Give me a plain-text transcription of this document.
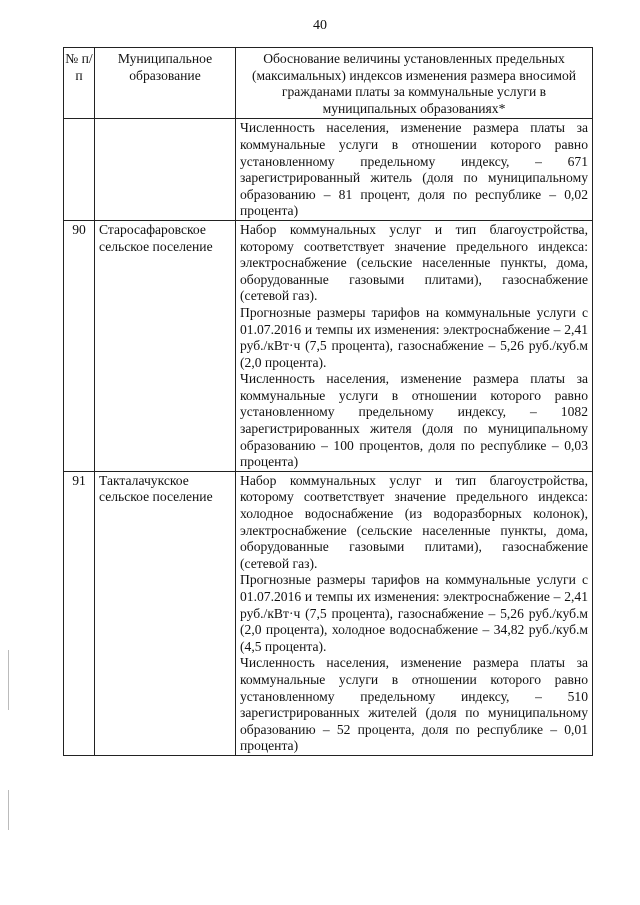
40
№ п/п	Муниципальное образование	Обоснование величины установленных предельных (максимальных) индексов изменения размера вносимой гражданами платы за коммунальные услуги в муниципальных образованиях*

		Численность населения, изменение размера платы за коммунальные услуги в отношении которого равно установленному предельному индексу, – 671 зарегистрированный житель (доля по муниципальному образованию – 81 процент, доля по республике – 0,02 процента)

90	Старосафаровское сельское поселение	Набор коммунальных услуг и тип благоустройства, которому соответствует значение предельного индекса: электроснабжение (сельские населенные пункты, дома, оборудованные газовыми плитами), газоснабжение (сетевой газ).

Прогнозные размеры тарифов на коммунальные услуги с 01.07.2016 и темпы их изменения: электроснабжение – 2,41 руб./кВт·ч (7,5 процента), газоснабжение – 5,26 руб./куб.м (2,0 процента).

Численность населения, изменение размера платы за коммунальные услуги в отношении которого равно установленному предельному индексу, – 1082 зарегистрированных жителя (доля по муниципальному образованию – 100 процентов, доля по республике – 0,03 процента)

91	Такталачукское сельское поселение	Набор коммунальных услуг и тип благоустройства, которому соответствует значение предельного индекса: холодное водоснабжение (из водоразборных колонок), электроснабжение (сельские населенные пункты, дома, оборудованные газовыми плитами), газоснабжение (сетевой газ).

Прогнозные размеры тарифов на коммунальные услуги с 01.07.2016 и темпы их изменения: электроснабжение – 2,41 руб./кВт·ч (7,5 процента), газоснабжение – 5,26 руб./куб.м (2,0 процента), холодное водоснабжение – 34,82 руб./куб.м (4,5 процента).

Численность населения, изменение размера платы за коммунальные услуги в отношении которого равно установленному предельному индексу, – 510 зарегистрированных жителей (доля по муниципальному образованию – 52 процента, доля по республике – 0,01 процента)
